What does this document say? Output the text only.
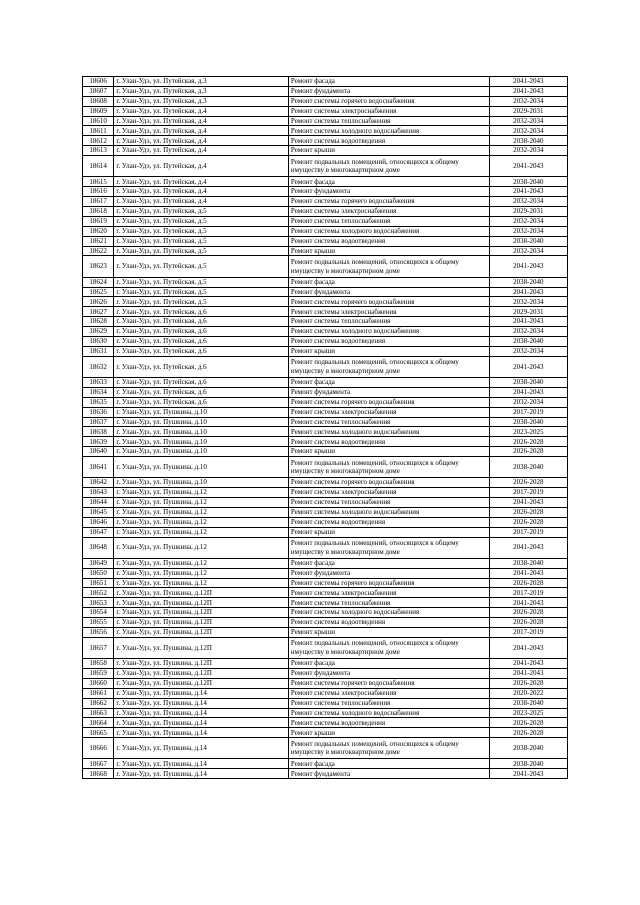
18606	г. Улан-Удэ, ул. Путейская, д.3	Ремонт фасада	2041-2043
18607	г. Улан-Удэ, ул. Путейская, д.3	Ремонт фундамента	2041-2043
18608	г. Улан-Удэ, ул. Путейская, д.3	Ремонт системы горячего водоснабжения	2032-2034
18609	г. Улан-Удэ, ул. Путейская, д.4	Ремонт системы электроснабжения	2029-2031
18610	г. Улан-Удэ, ул. Путейская, д.4	Ремонт системы теплоснабжения	2032-2034
18611	г. Улан-Удэ, ул. Путейская, д.4	Ремонт системы холодного водоснабжения	2032-2034
18612	г. Улан-Удэ, ул. Путейская, д.4	Ремонт системы водоотведения	2038-2040
18613	г. Улан-Удэ, ул. Путейская, д.4	Ремонт крыши	2032-2034
18614	г. Улан-Удэ, ул. Путейская, д.4	Ремонт подвальных помещений, относящихся к общему имуществу в многоквартирном доме	2041-2043
18615	г. Улан-Удэ, ул. Путейская, д.4	Ремонт фасада	2038-2040
18616	г. Улан-Удэ, ул. Путейская, д.4	Ремонт фундамента	2041-2043
18617	г. Улан-Удэ, ул. Путейская, д.4	Ремонт системы горячего водоснабжения	2032-2034
18618	г. Улан-Удэ, ул. Путейская, д.5	Ремонт системы электроснабжения	2029-2031
18619	г. Улан-Удэ, ул. Путейская, д.5	Ремонт системы теплоснабжения	2032-2034
18620	г. Улан-Удэ, ул. Путейская, д.5	Ремонт системы холодного водоснабжения	2032-2034
18621	г. Улан-Удэ, ул. Путейская, д.5	Ремонт системы водоотведения	2038-2040
18622	г. Улан-Удэ, ул. Путейская, д.5	Ремонт крыши	2032-2034
18623	г. Улан-Удэ, ул. Путейская, д.5	Ремонт подвальных помещений, относящихся к общему имуществу в многоквартирном доме	2041-2043
18624	г. Улан-Удэ, ул. Путейская, д.5	Ремонт фасада	2038-2040
18625	г. Улан-Удэ, ул. Путейская, д.5	Ремонт фундамента	2041-2043
18626	г. Улан-Удэ, ул. Путейская, д.5	Ремонт системы горячего водоснабжения	2032-2034
18627	г. Улан-Удэ, ул. Путейская, д.6	Ремонт системы электроснабжения	2029-2031
18628	г. Улан-Удэ, ул. Путейская, д.6	Ремонт системы теплоснабжения	2041-2043
18629	г. Улан-Удэ, ул. Путейская, д.6	Ремонт системы холодного водоснабжения	2032-2034
18630	г. Улан-Удэ, ул. Путейская, д.6	Ремонт системы водоотведения	2038-2040
18631	г. Улан-Удэ, ул. Путейская, д.6	Ремонт крыши	2032-2034
18632	г. Улан-Удэ, ул. Путейская, д.6	Ремонт подвальных помещений, относящихся к общему имуществу в многоквартирном доме	2041-2043
18633	г. Улан-Удэ, ул. Путейская, д.6	Ремонт фасада	2038-2040
18634	г. Улан-Удэ, ул. Путейская, д.6	Ремонт фундамента	2041-2043
18635	г. Улан-Удэ, ул. Путейская, д.6	Ремонт системы горячего водоснабжения	2032-2034
18636	г. Улан-Удэ, ул. Пушкина, д.10	Ремонт системы электроснабжения	2017-2019
18637	г. Улан-Удэ, ул. Пушкина, д.10	Ремонт системы теплоснабжения	2038-2040
18638	г. Улан-Удэ, ул. Пушкина, д.10	Ремонт системы холодного водоснабжения	2023-2025
18639	г. Улан-Удэ, ул. Пушкина, д.10	Ремонт системы водоотведения	2026-2028
18640	г. Улан-Удэ, ул. Пушкина, д.10	Ремонт крыши	2026-2028
18641	г. Улан-Удэ, ул. Пушкина, д.10	Ремонт подвальных помещений, относящихся к общему имуществу в многоквартирном доме	2038-2040
18642	г. Улан-Удэ, ул. Пушкина, д.10	Ремонт системы горячего водоснабжения	2026-2028
18643	г. Улан-Удэ, ул. Пушкина, д.12	Ремонт системы электроснабжения	2017-2019
18644	г. Улан-Удэ, ул. Пушкина, д.12	Ремонт системы теплоснабжения	2041-2043
18645	г. Улан-Удэ, ул. Пушкина, д.12	Ремонт системы холодного водоснабжения	2026-2028
18646	г. Улан-Удэ, ул. Пушкина, д.12	Ремонт системы водоотведения	2026-2028
18647	г. Улан-Удэ, ул. Пушкина, д.12	Ремонт крыши	2017-2019
18648	г. Улан-Удэ, ул. Пушкина, д.12	Ремонт подвальных помещений, относящихся к общему имуществу в многоквартирном доме	2041-2043
18649	г. Улан-Удэ, ул. Пушкина, д.12	Ремонт фасада	2038-2040
18650	г. Улан-Удэ, ул. Пушкина, д.12	Ремонт фундамента	2041-2043
18651	г. Улан-Удэ, ул. Пушкина, д.12	Ремонт системы горячего водоснабжения	2026-2028
18652	г. Улан-Удэ, ул. Пушкина, д.12П	Ремонт системы электроснабжения	2017-2019
18653	г. Улан-Удэ, ул. Пушкина, д.12П	Ремонт системы теплоснабжения	2041-2043
18654	г. Улан-Удэ, ул. Пушкина, д.12П	Ремонт системы холодного водоснабжения	2026-2028
18655	г. Улан-Удэ, ул. Пушкина, д.12П	Ремонт системы водоотведения	2026-2028
18656	г. Улан-Удэ, ул. Пушкина, д.12П	Ремонт крыши	2017-2019
18657	г. Улан-Удэ, ул. Пушкина, д.12П	Ремонт подвальных помещений, относящихся к общему имуществу в многоквартирном доме	2041-2043
18658	г. Улан-Удэ, ул. Пушкина, д.12П	Ремонт фасада	2041-2043
18659	г. Улан-Удэ, ул. Пушкина, д.12П	Ремонт фундамента	2041-2043
18660	г. Улан-Удэ, ул. Пушкина, д.12П	Ремонт системы горячего водоснабжения	2026-2028
18661	г. Улан-Удэ, ул. Пушкина, д.14	Ремонт системы электроснабжения	2020-2022
18662	г. Улан-Удэ, ул. Пушкина, д.14	Ремонт системы теплоснабжения	2038-2040
18663	г. Улан-Удэ, ул. Пушкина, д.14	Ремонт системы холодного водоснабжения	2023-2025
18664	г. Улан-Удэ, ул. Пушкина, д.14	Ремонт системы водоотведения	2026-2028
18665	г. Улан-Удэ, ул. Пушкина, д.14	Ремонт крыши	2026-2028
18666	г. Улан-Удэ, ул. Пушкина, д.14	Ремонт подвальных помещений, относящихся к общему имуществу в многоквартирном доме	2038-2040
18667	г. Улан-Удэ, ул. Пушкина, д.14	Ремонт фасада	2038-2040
18668	г. Улан-Удэ, ул. Пушкина, д.14	Ремонт фундамента	2041-2043
